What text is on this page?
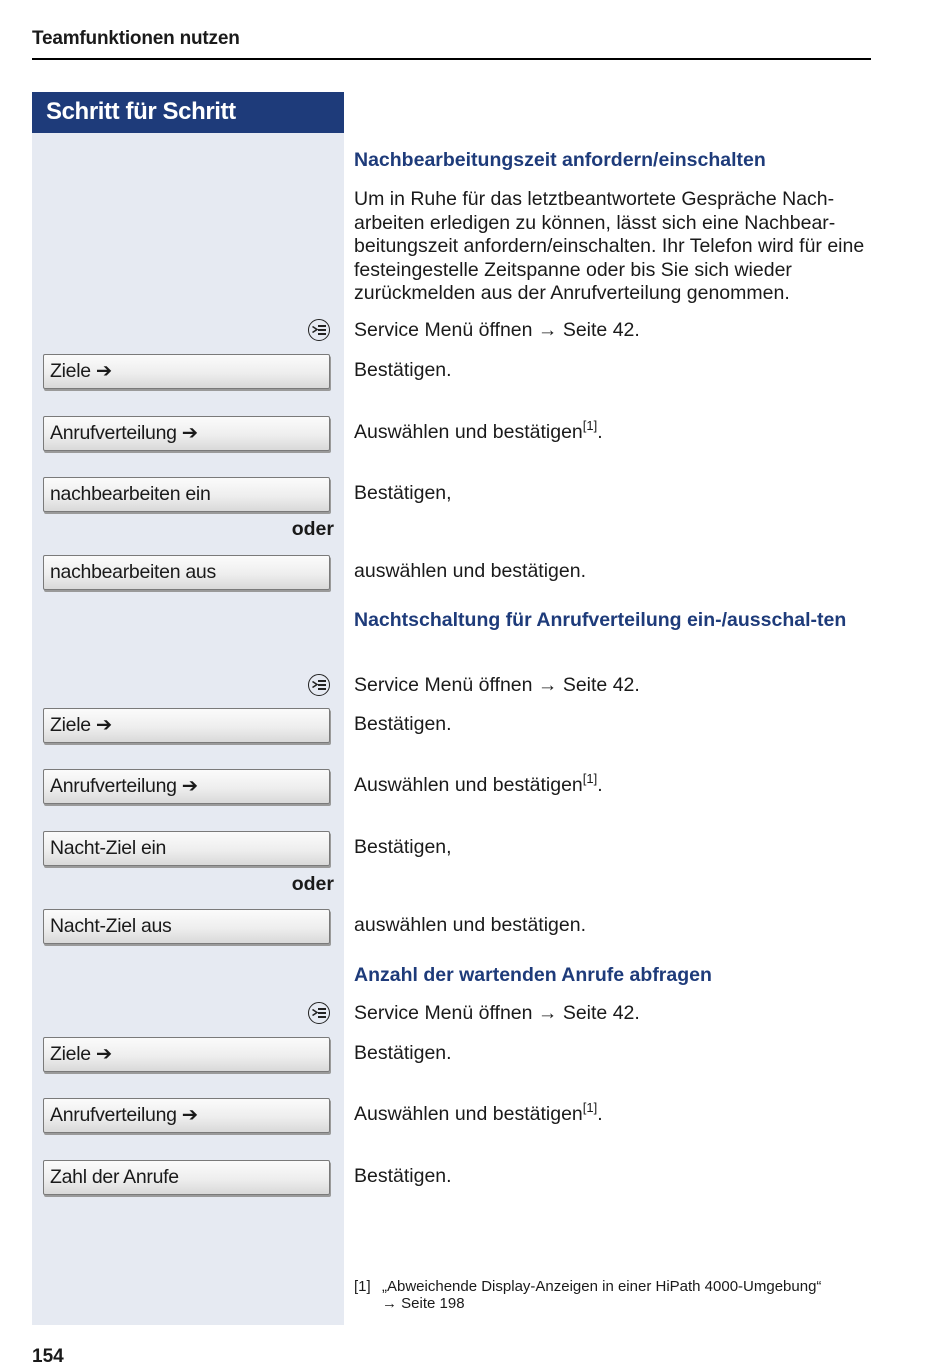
Teamfunktionen nutzen
Schritt für Schritt
Nachbearbeitungszeit anfordern/einschalten
Um in Ruhe für das letztbeantwortete Gespräche Nach-arbeiten erledigen zu können, lässt sich eine Nachbear-beitungszeit anfordern/einschalten. Ihr Telefon wird für eine festeingestelle Zeitspanne oder bis Sie sich wieder zurückmelden aus der Anrufverteilung genommen.
Service Menü öffnen → Seite 42.
Ziele ➔	Bestätigen.
Anrufverteilung ➔	Auswählen und bestätigen[1].
nachbearbeiten ein	Bestätigen,
oder
nachbearbeiten aus	auswählen und bestätigen.
Nachtschaltung für Anrufverteilung ein-/ausschal-ten
Service Menü öffnen → Seite 42.
Ziele ➔	Bestätigen.
Anrufverteilung ➔	Auswählen und bestätigen[1].
Nacht-Ziel ein	Bestätigen,
oder
Nacht-Ziel aus	auswählen und bestätigen.
Anzahl der wartenden Anrufe abfragen
Service Menü öffnen → Seite 42.
Ziele ➔	Bestätigen.
Anrufverteilung ➔	Auswählen und bestätigen[1].
Zahl der Anrufe	Bestätigen.
[1] „Abweichende Display-Anzeigen in einer HiPath 4000-Umgebung“
→ Seite 198
154
